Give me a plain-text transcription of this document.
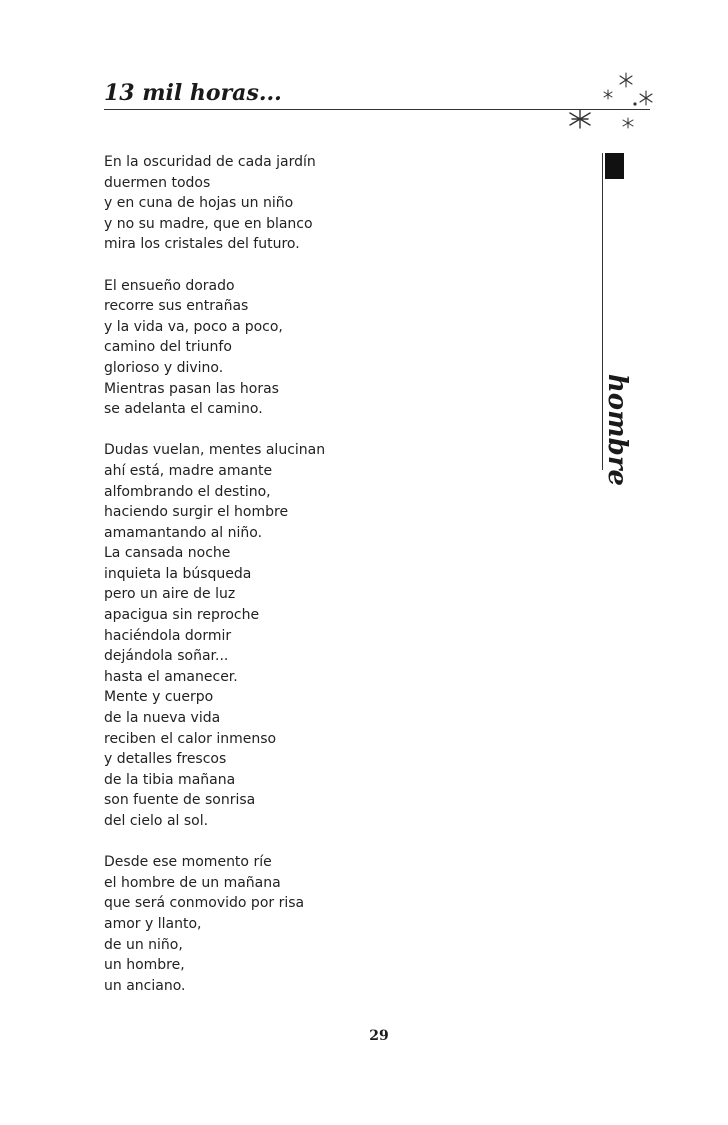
13 mil horas...
En la oscuridad de cada jardín
duermen todos
y en cuna de hojas un niño
y no su madre, que en blanco
mira los cristales del futuro.
El ensueño dorado
recorre sus entrañas
y la vida va, poco a poco,
camino del triunfo
glorioso y divino.
Mientras pasan las horas
se adelanta el camino.
Dudas vuelan, mentes alucinan
ahí está, madre amante
alfombrando el destino,
haciendo surgir el hombre
amamantando al niño.
La cansada noche
inquieta la búsqueda
pero un aire de luz
apacigua sin reproche
haciéndola dormir
dejándola soñar...
hasta el amanecer.
Mente y cuerpo
de la nueva vida
reciben el calor inmenso
y detalles frescos
de la tibia mañana
son fuente de sonrisa
del cielo al sol.
Desde ese momento ríe
el hombre de un mañana
que será conmovido por risa
amor y llanto,
de un niño,
un hombre,
un anciano.
hombre
29
